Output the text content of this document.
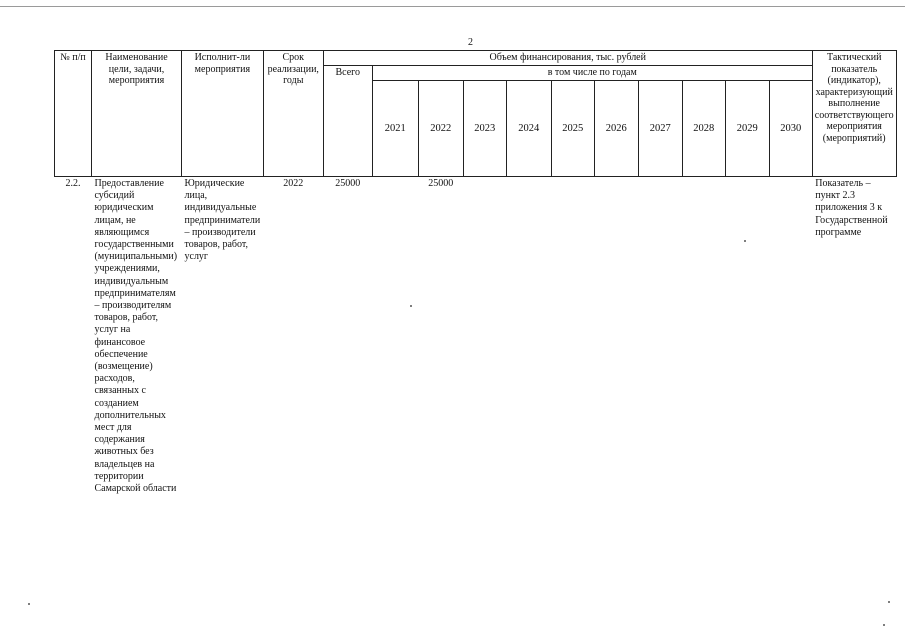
2
№ п/п	Наименование цели, задачи, мероприятия	Исполнит-ли мероприятия	Срок реализации, годы	Объем финансирования, тыс. рублей											Тактический показатель (индикатор), характеризующий выполнение соответствующего мероприятия (мероприятий)
				Всего	в том числе по годам										
					2021	2022	2023	2024	2025	2026	2027	2028	2029	2030	
2.2.	Предоставление субсидий юридическим лицам, не являющимся государственными (муниципальными) учреждениями, индивидуальным предпринимателям – производителям товаров, работ, услуг на финансовое обеспечение (возмещение) расходов, связанных с созданием дополнительных мест для содержания животных без владельцев на территории Самарской области	Юридические лица, индивидуальные предприниматели – производители товаров, работ, услуг	2022	25000		25000									Показатель – пункт 2.3 приложения 3 к Государственной программе
